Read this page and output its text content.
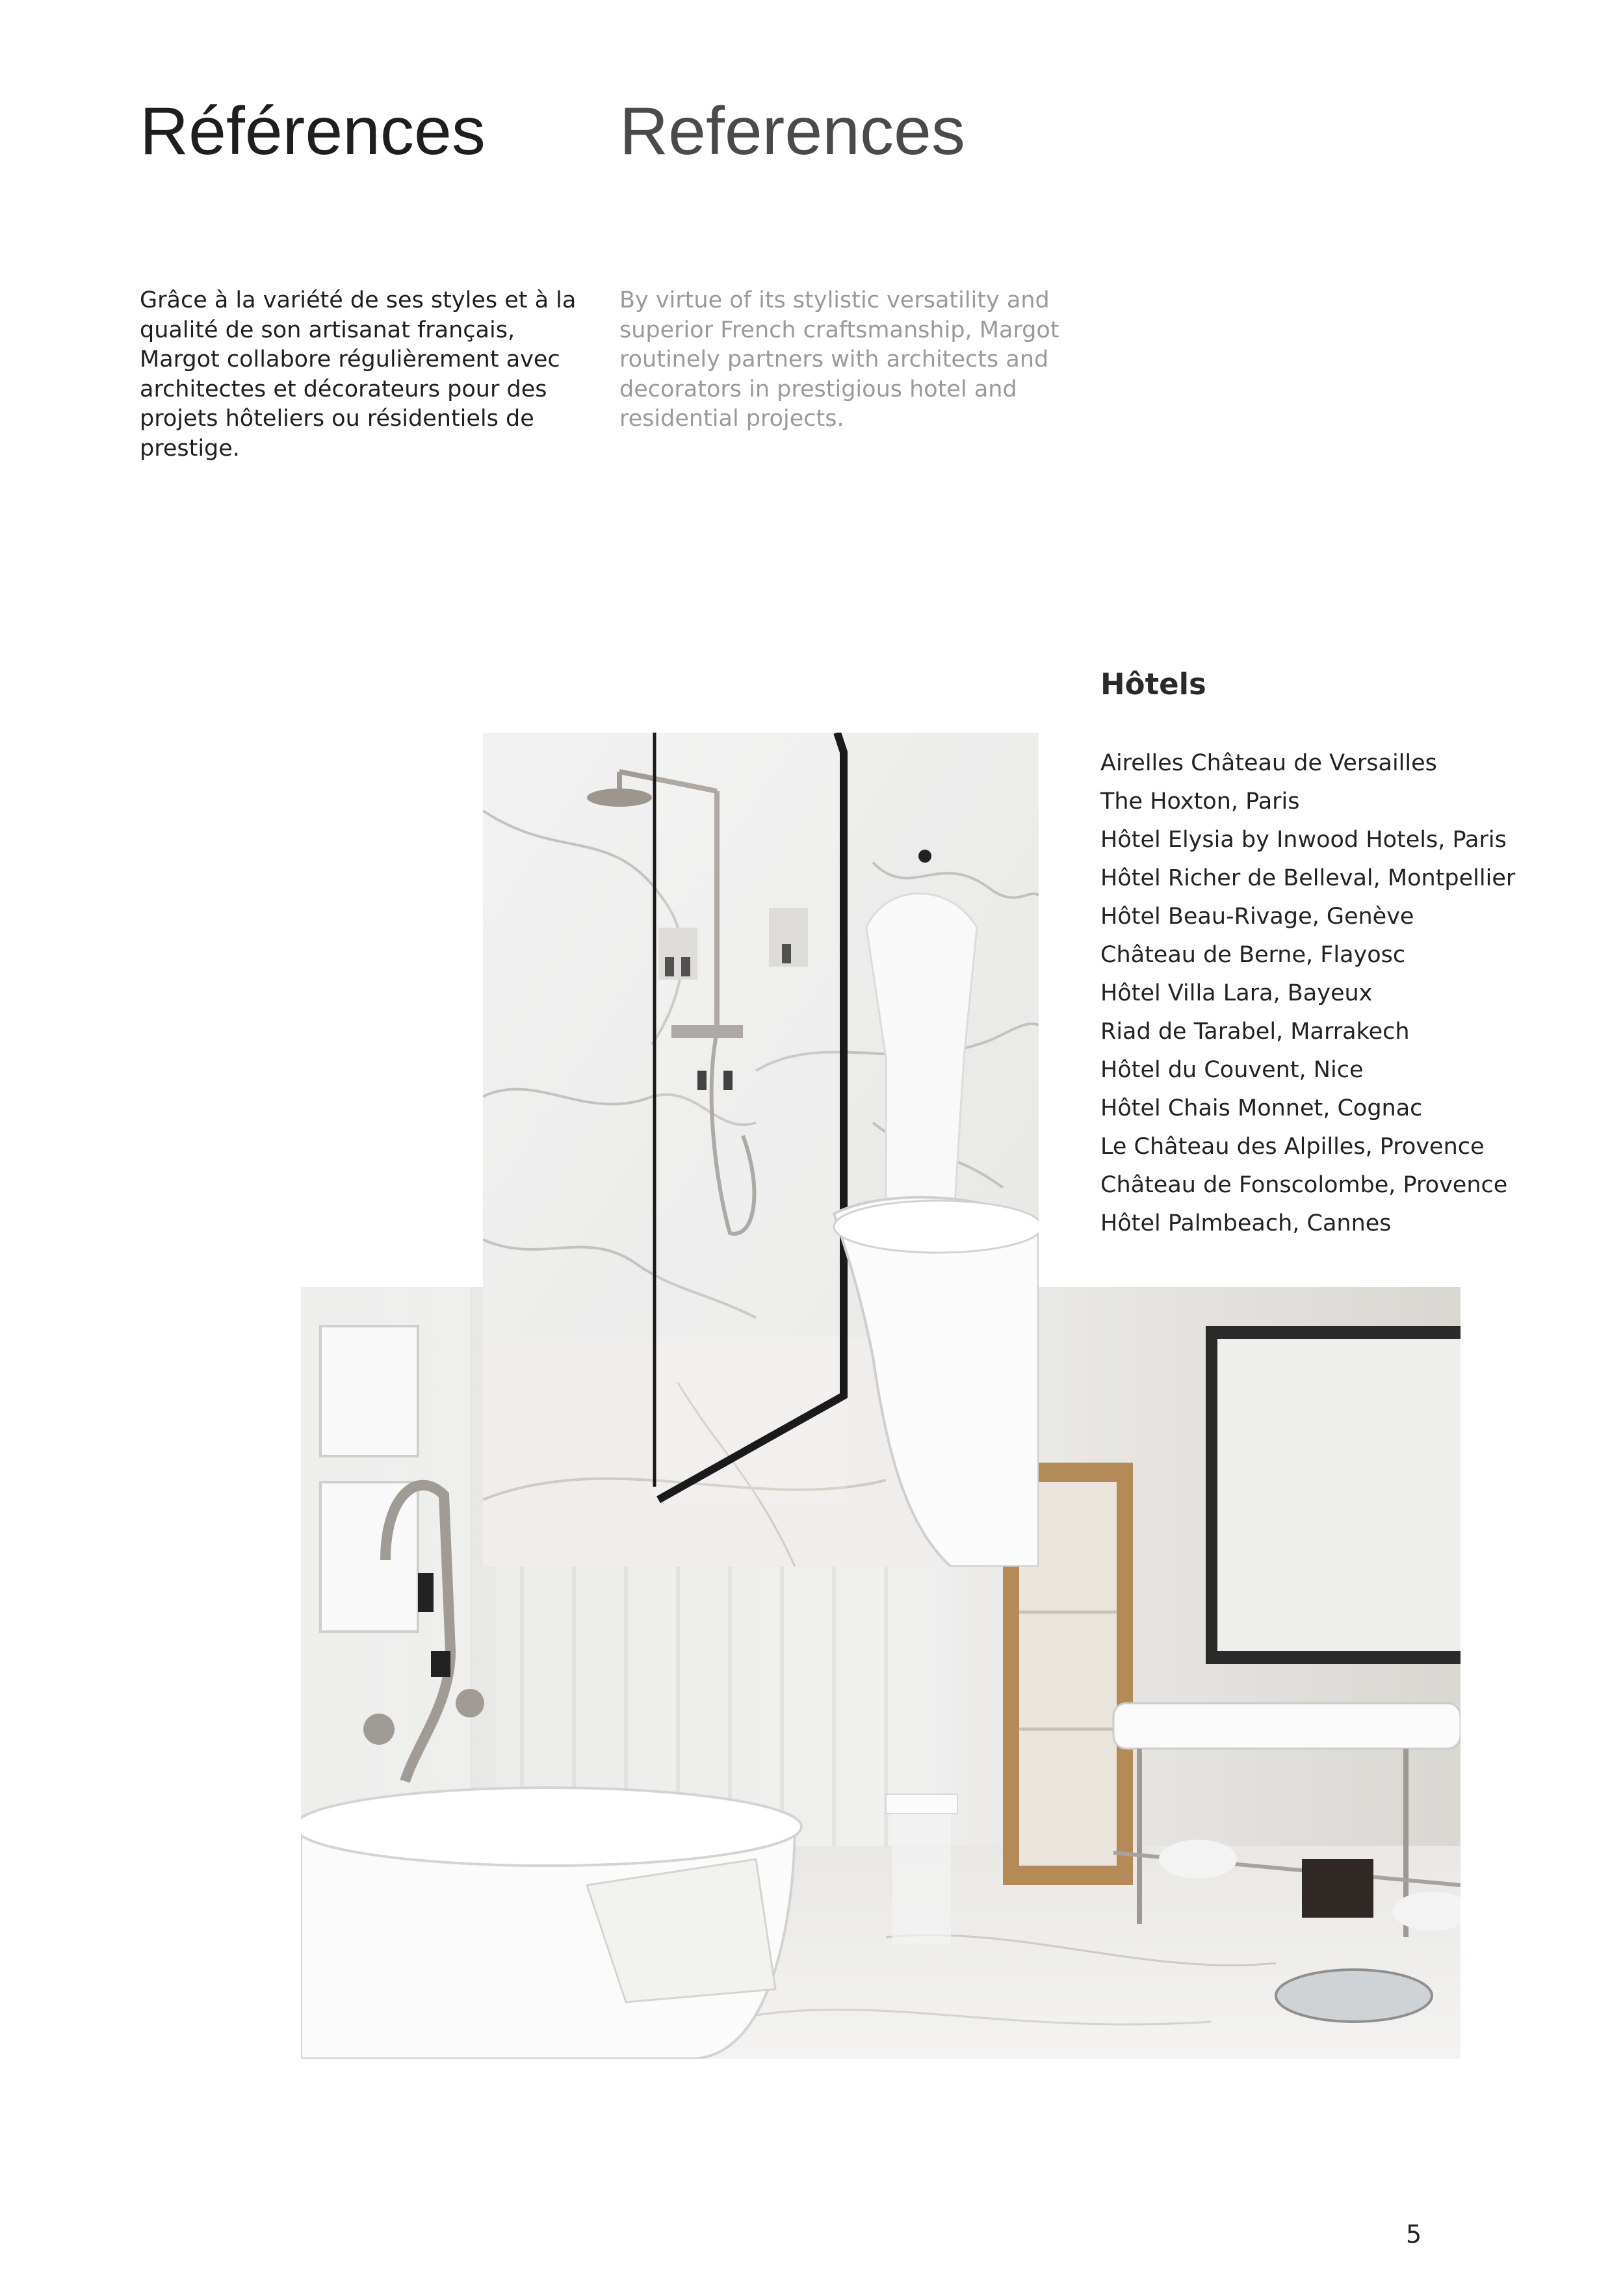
Références References

Grâce à la variété de ses styles et à la qualité de son artisanat français, Margot collabore régulièrement avec architectes et décorateurs pour des projets hôteliers ou résidentiels de prestige.

By virtue of its stylistic versatility and superior French craftsmanship, Margot routinely partners with architects and decorators in prestigious hotel and residential projects.

Hôtels
Airelles Château de Versailles
The Hoxton, Paris
Hôtel Elysia by Inwood Hotels, Paris
Hôtel Richer de Belleval, Montpellier
Hôtel Beau-Rivage, Genève
Château de Berne, Flayosc
Hôtel Villa Lara, Bayeux
Riad de Tarabel, Marrakech
Hôtel du Couvent, Nice
Hôtel Chais Monnet, Cognac
Le Château des Alpilles, Provence
Château de Fonscolombe, Provence
Hôtel Palmbeach, Cannes
5
